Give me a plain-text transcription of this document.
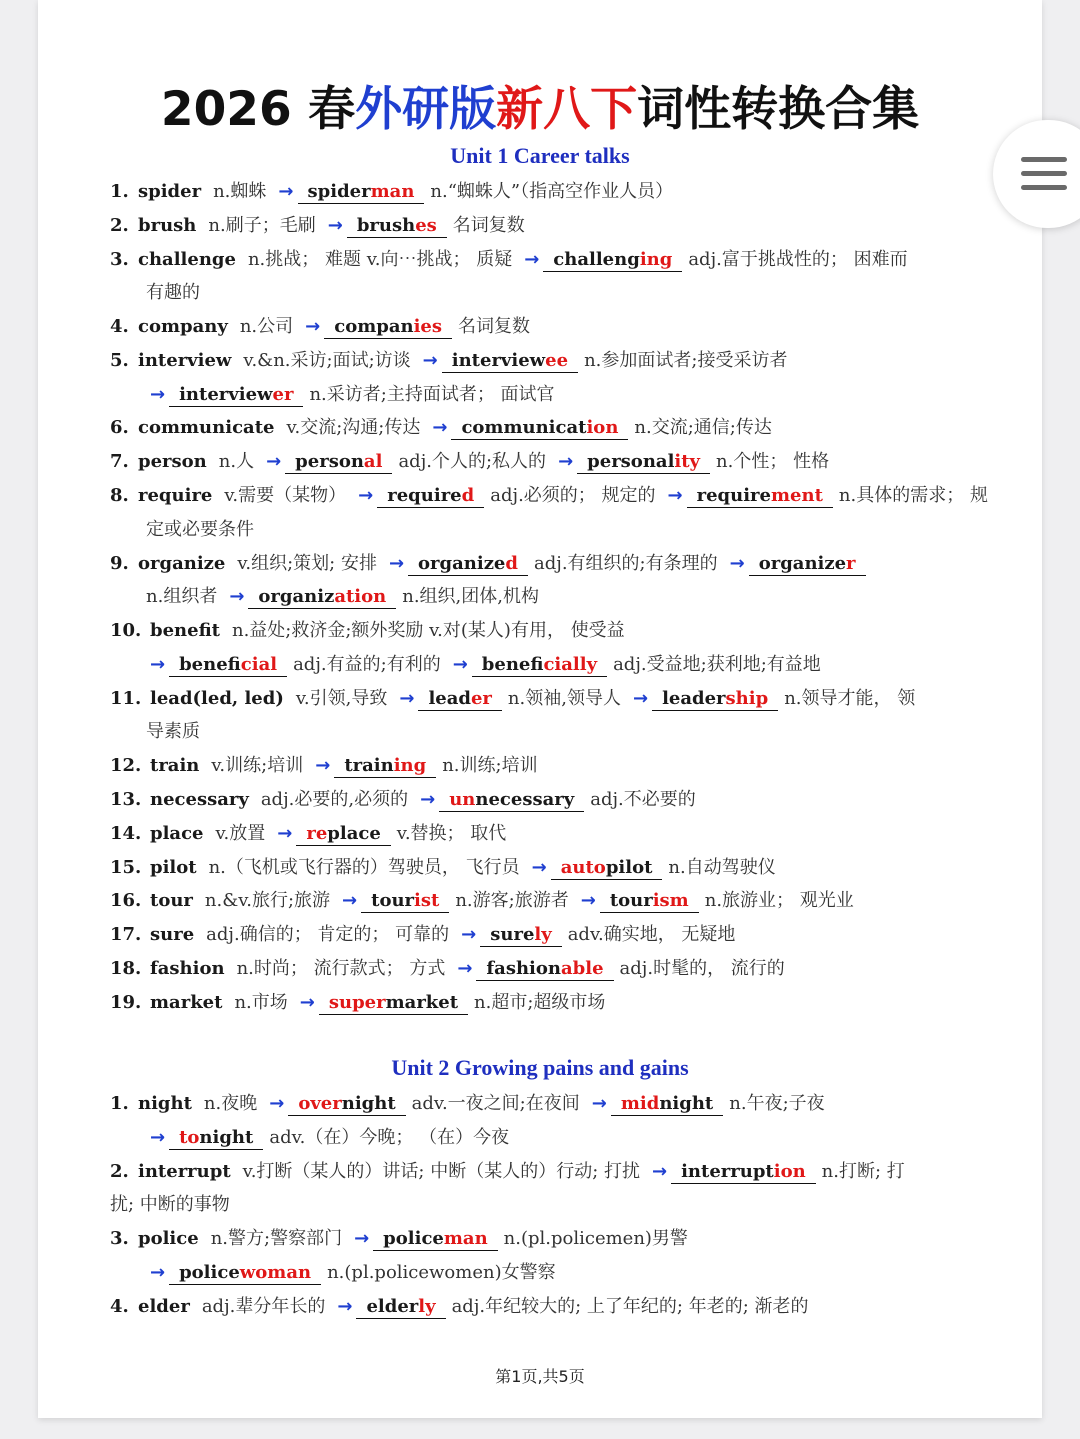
2026 春外研版新八下词性转换合集
Unit 1 Career talks
1. spider n.蜘蛛 → spiderman n.“蜘蛛人”（指高空作业人员）
2. brush n.刷子；毛刷 → brushes 名词复数
3. challenge n.挑战； 难题 v.向⋯挑战； 质疑 → challenging adj.富于挑战性的； 困难而
有趣的
4. company n.公司 → companies 名词复数
5. interview v.&n.采访;面试;访谈 → interviewee n.参加面试者;接受采访者
→ interviewer n.采访者;主持面试者； 面试官
6. communicate v.交流;沟通;传达 → communication n.交流;通信;传达
7. person n.人 → personal adj.个人的;私人的 → personality n.个性； 性格
8. require v.需要（某物） → required adj.必须的； 规定的 → requirement n.具体的需求； 规
定或必要条件
9. organize v.组织;策划; 安排 → organized adj.有组织的;有条理的 → organizer
n.组织者 → organization n.组织,团体,机构
10. benefit n.益处;救济金;额外奖励 v.对(某人)有用， 使受益
→ beneficial adj.有益的;有利的 → beneficially adj.受益地;获利地;有益地
11. lead(led, led) v.引领,导致 → leader n.领袖,领导人 → leadership n.领导才能， 领
导素质
12. train v.训练;培训 → training n.训练;培训
13. necessary adj.必要的,必须的 → unnecessary adj.不必要的
14. place v.放置 → replace v.替换； 取代
15. pilot n.（飞机或飞行器的）驾驶员， 飞行员 → autopilot n.自动驾驶仪
16. tour n.&v.旅行;旅游 → tourist n.游客;旅游者 → tourism n.旅游业； 观光业
17. sure adj.确信的； 肯定的； 可靠的 → surely adv.确实地， 无疑地
18. fashion n.时尚； 流行款式； 方式 → fashionable adj.时髦的， 流行的
19. market n.市场 → supermarket n.超市;超级市场
Unit 2 Growing pains and gains
1. night n.夜晚 → overnight adv.一夜之间;在夜间 → midnight n.午夜;子夜
→ tonight adv.（在）今晚； （在）今夜
2. interrupt v.打断（某人的）讲话; 中断（某人的）行动; 打扰 → interruption n.打断; 打
扰; 中断的事物
3. police n.警方;警察部门 → policeman n.(pl.policemen)男警
→ policewoman n.(pl.policewomen)女警察
4. elder adj.辈分年长的 → elderly adj.年纪较大的; 上了年纪的; 年老的; 渐老的
第1页,共5页
